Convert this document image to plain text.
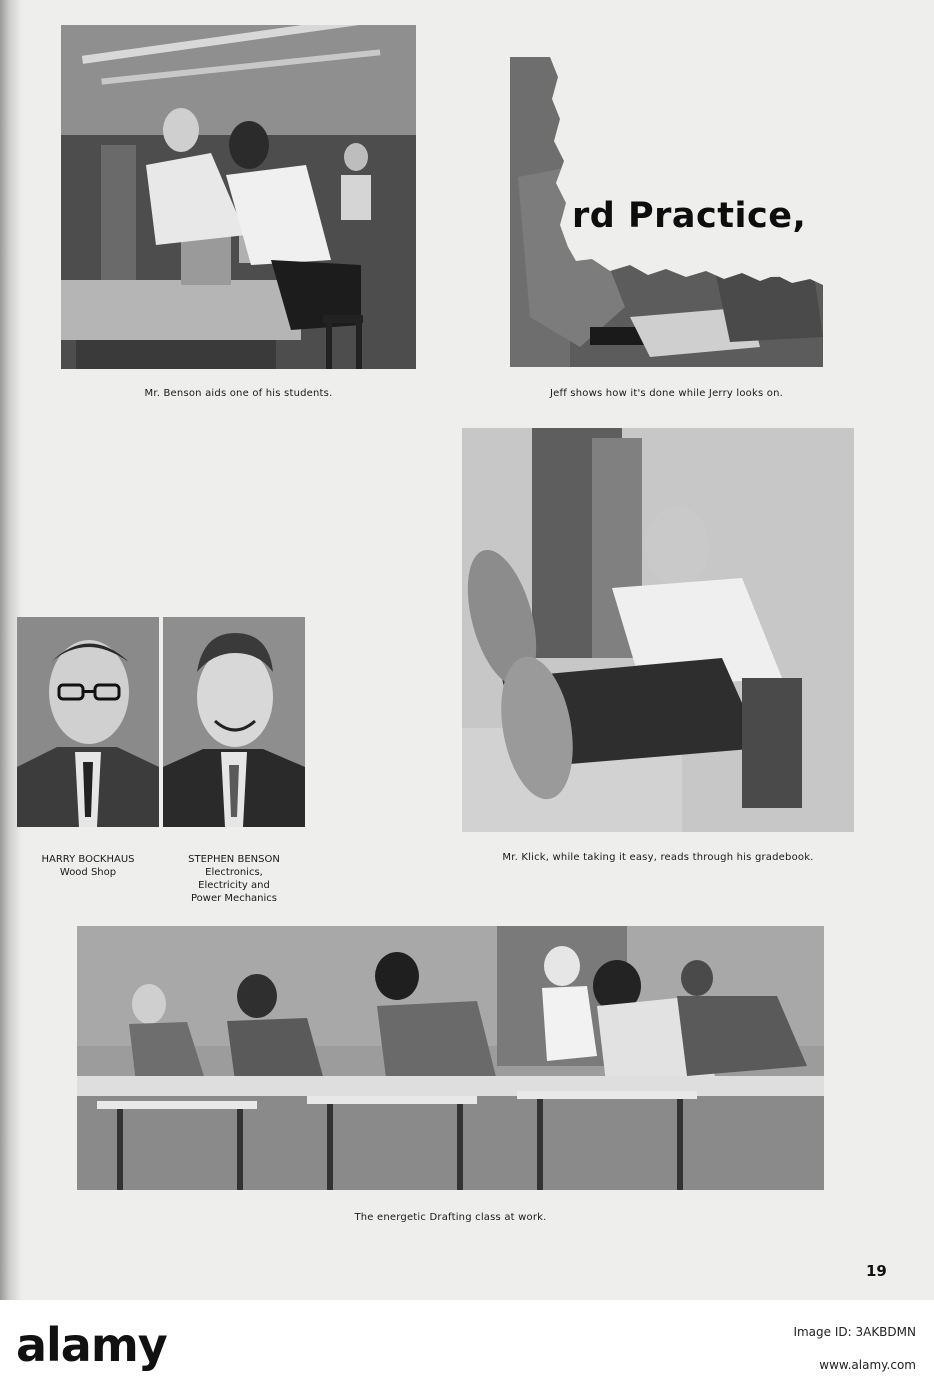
Mr. Benson aids one of his students.
rd Practice,
Jeff shows how it's done while Jerry looks on.
Mr. Klick, while taking it easy, reads through his gradebook.
HARRY BOCKHAUS
Wood Shop
STEPHEN BENSON
Electronics,
Electricity and
Power Mechanics
The energetic Drafting class at work.
19
alamy	Image ID: 3AKBDMN
www.alamy.com
